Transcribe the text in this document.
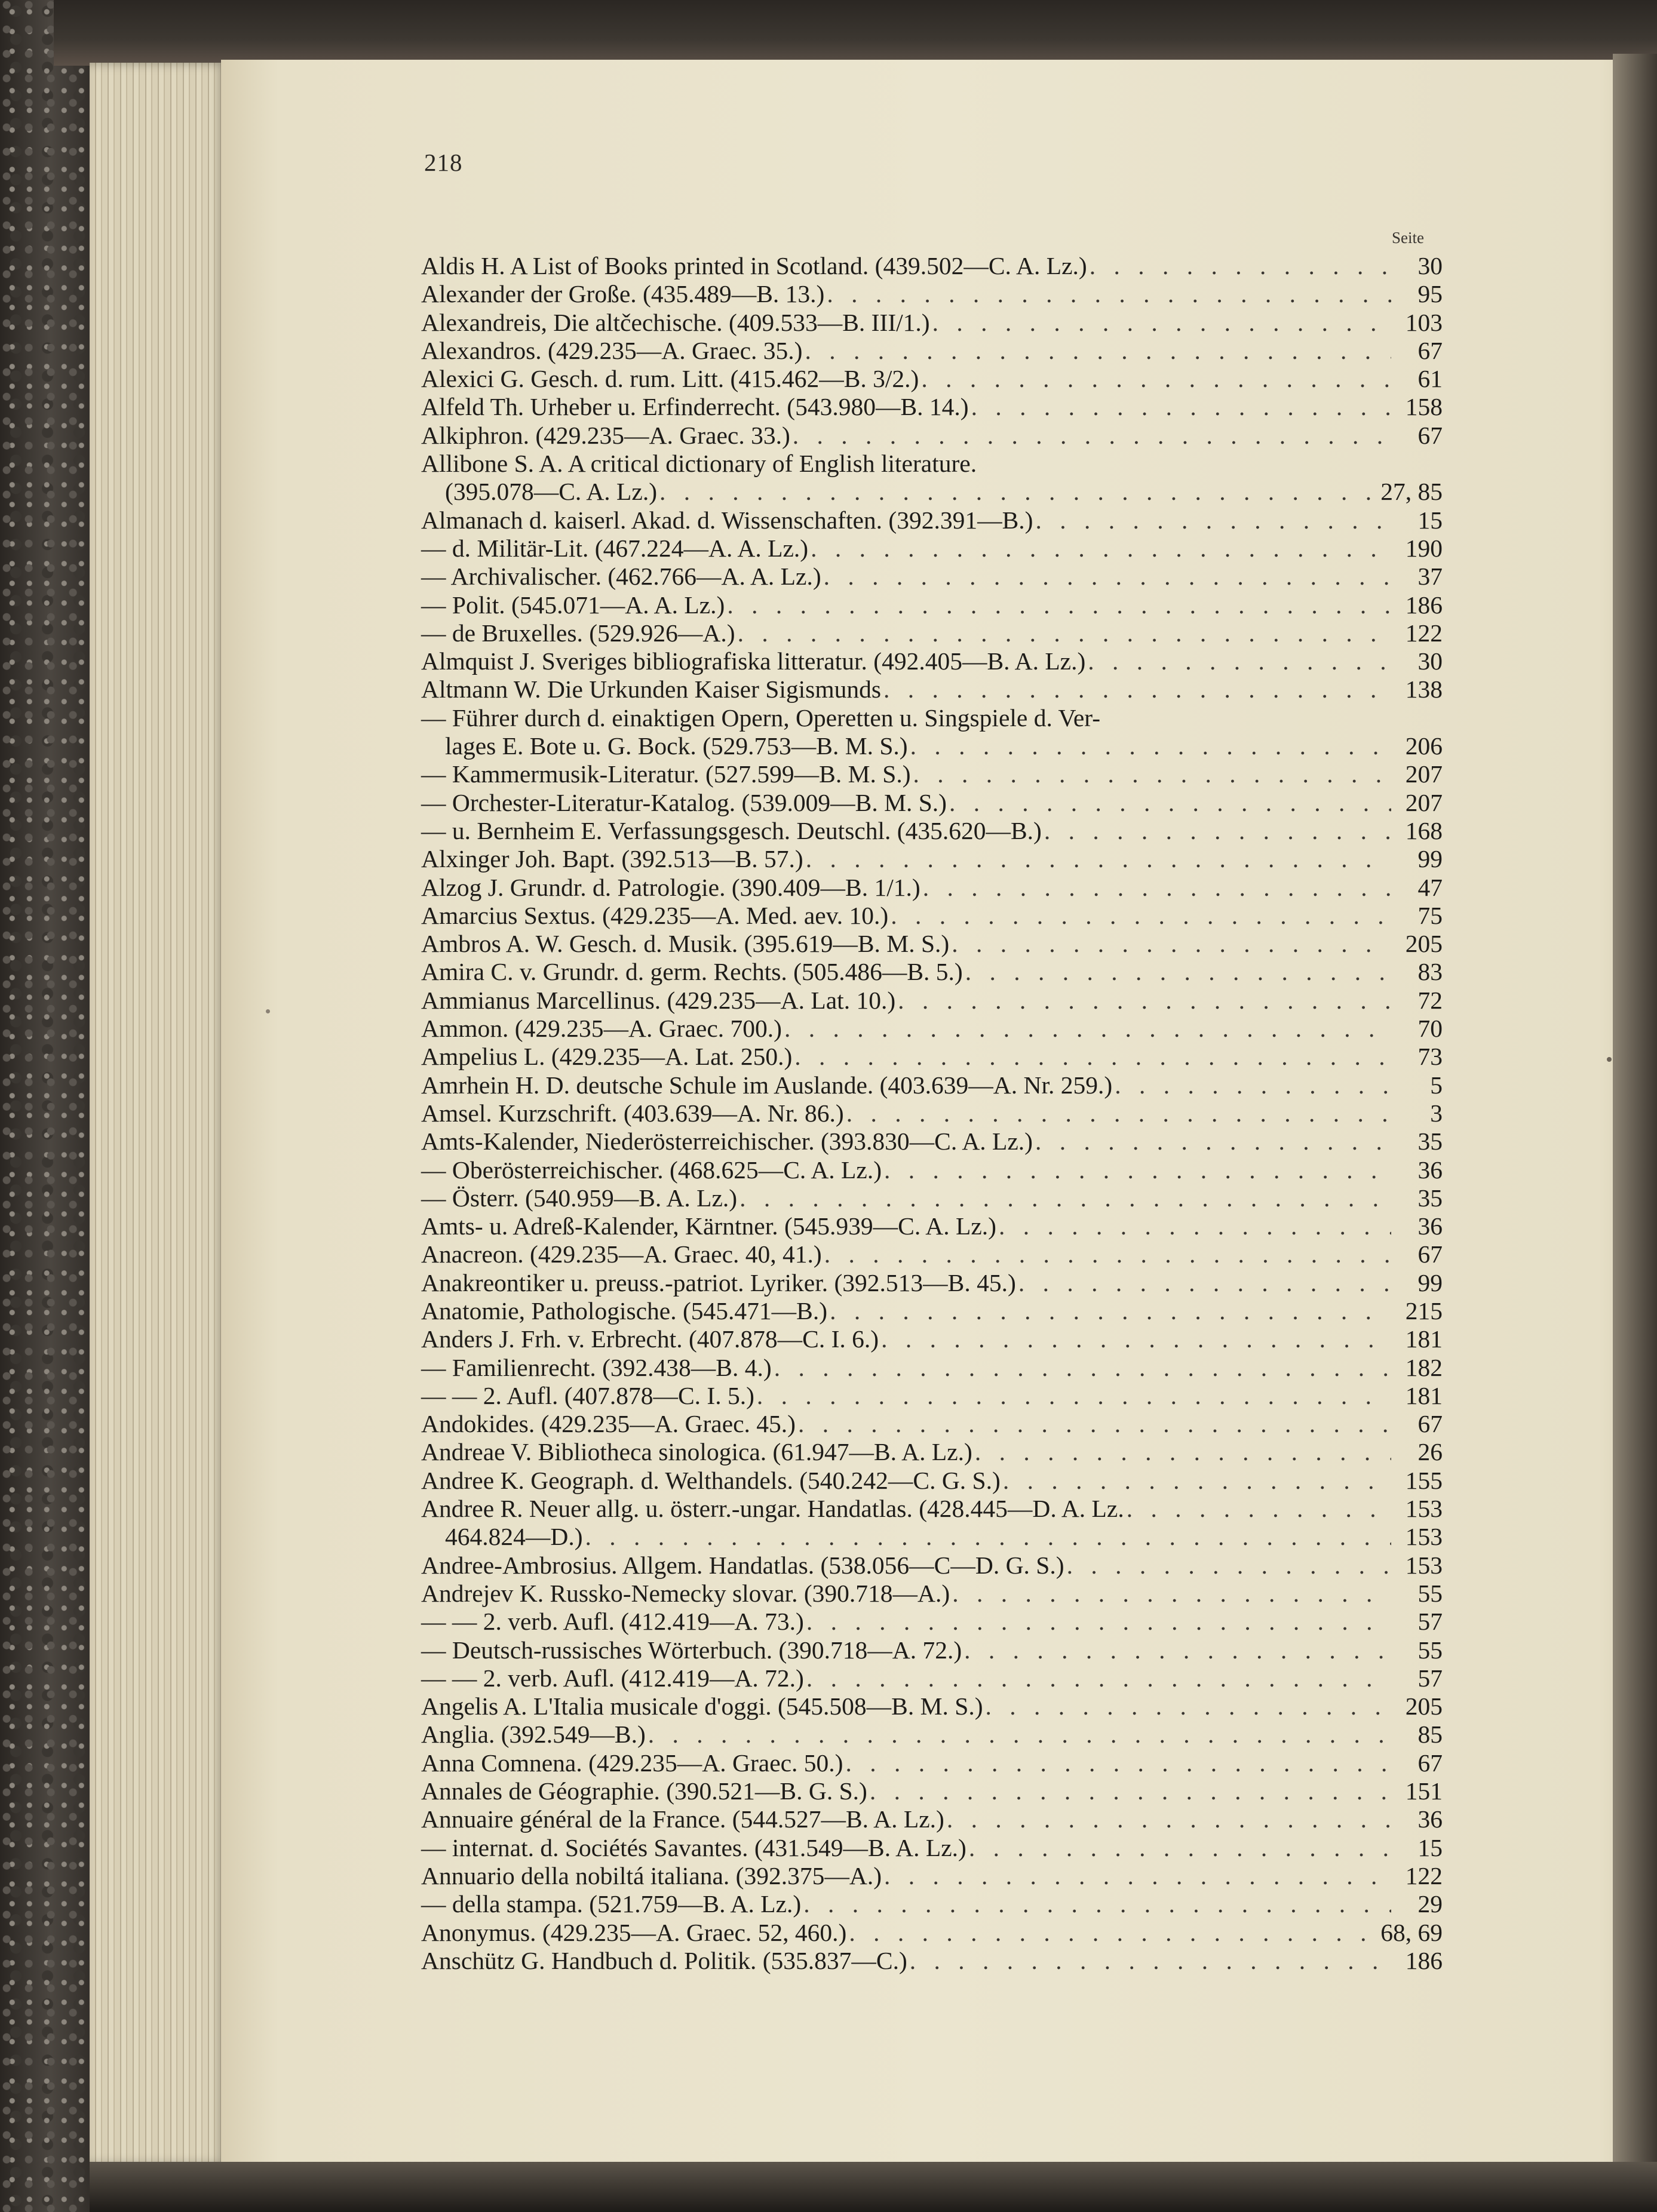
218
Seite
Aldis H. A List of Books printed in Scotland. (439.502—C. A. Lz.) . . .	30
Alexander der Große. (435.489—B. 13.) . . .	95
Alexandreis, Die altčechische. (409.533—B. III/1.) . . .	103
Alexandros. (429.235—A. Graec. 35.) . . .	67
Alexici G. Gesch. d. rum. Litt. (415.462—B. 3/2.) . . .	61
Alfeld Th. Urheber u. Erfinderrecht. (543.980—B. 14.) . . .	158
Alkiphron. (429.235—A. Graec. 33.) . . .	67
Allibone S. A. A critical dictionary of English literature.
(395.078—C. A. Lz.) . . .	27, 85
Almanach d. kaiserl. Akad. d. Wissenschaften. (392.391—B.) . . .	15
— d. Militär-Lit. (467.224—A. A. Lz.) . . .	190
— Archivalischer. (462.766—A. A. Lz.) . . .	37
— Polit. (545.071—A. A. Lz.) . . .	186
— de Bruxelles. (529.926—A.) . . .	122
Almquist J. Sveriges bibliografiska litteratur. (492.405—B. A. Lz.) . . .	30
Altmann W. Die Urkunden Kaiser Sigismunds . . .	138
— Führer durch d. einaktigen Opern, Operetten u. Singspiele d. Ver-
lages E. Bote u. G. Bock. (529.753—B. M. S.) . . .	206
— Kammermusik-Literatur. (527.599—B. M. S.) . . .	207
— Orchester-Literatur-Katalog. (539.009—B. M. S.) . . .	207
— u. Bernheim E. Verfassungsgesch. Deutschl. (435.620—B.) . . .	168
Alxinger Joh. Bapt. (392.513—B. 57.) . . .	99
Alzog J. Grundr. d. Patrologie. (390.409—B. 1/1.) . . .	47
Amarcius Sextus. (429.235—A. Med. aev. 10.) . . .	75
Ambros A. W. Gesch. d. Musik. (395.619—B. M. S.) . . .	205
Amira C. v. Grundr. d. germ. Rechts. (505.486—B. 5.) . . .	83
Ammianus Marcellinus. (429.235—A. Lat. 10.) . . .	72
Ammon. (429.235—A. Graec. 700.) . . .	70
Ampelius L. (429.235—A. Lat. 250.) . . .	73
Amrhein H. D. deutsche Schule im Auslande. (403.639—A. Nr. 259.) . . .	5
Amsel. Kurzschrift. (403.639—A. Nr. 86.) . . .	3
Amts-Kalender, Niederösterreichischer. (393.830—C. A. Lz.) . . .	35
— Oberösterreichischer. (468.625—C. A. Lz.) . . .	36
— Österr. (540.959—B. A. Lz.) . . .	35
Amts- u. Adreß-Kalender, Kärntner. (545.939—C. A. Lz.) . . .	36
Anacreon. (429.235—A. Graec. 40, 41.) . . .	67
Anakreontiker u. preuss.-patriot. Lyriker. (392.513—B. 45.) . . .	99
Anatomie, Pathologische. (545.471—B.) . . .	215
Anders J. Frh. v. Erbrecht. (407.878—C. I. 6.) . . .	181
— Familienrecht. (392.438—B. 4.) . . .	182
— — 2. Aufl. (407.878—C. I. 5.) . . .	181
Andokides. (429.235—A. Graec. 45.) . . .	67
Andreae V. Bibliotheca sinologica. (61.947—B. A. Lz.) . . .	26
Andree K. Geograph. d. Welthandels. (540.242—C. G. S.) . . .	155
Andree R. Neuer allg. u. österr.-ungar. Handatlas. (428.445—D. A. Lz. . . .	153
464.824—D.) . . .	153
Andree-Ambrosius. Allgem. Handatlas. (538.056—C—D. G. S.) . . .	153
Andrejev K. Russko-Nemecky slovar. (390.718—A.) . . .	55
— — 2. verb. Aufl. (412.419—A. 73.) . . .	57
— Deutsch-russisches Wörterbuch. (390.718—A. 72.) . . .	55
— — 2. verb. Aufl. (412.419—A. 72.) . . .	57
Angelis A. L'Italia musicale d'oggi. (545.508—B. M. S.) . . .	205
Anglia. (392.549—B.) . . .	85
Anna Comnena. (429.235—A. Graec. 50.) . . .	67
Annales de Géographie. (390.521—B. G. S.) . . .	151
Annuaire général de la France. (544.527—B. A. Lz.) . . .	36
— internat. d. Sociétés Savantes. (431.549—B. A. Lz.) . . .	15
Annuario della nobiltá italiana. (392.375—A.) . . .	122
— della stampa. (521.759—B. A. Lz.) . . .	29
Anonymus. (429.235—A. Graec. 52, 460.) . . .	68, 69
Anschütz G. Handbuch d. Politik. (535.837—C.) . . .	186
